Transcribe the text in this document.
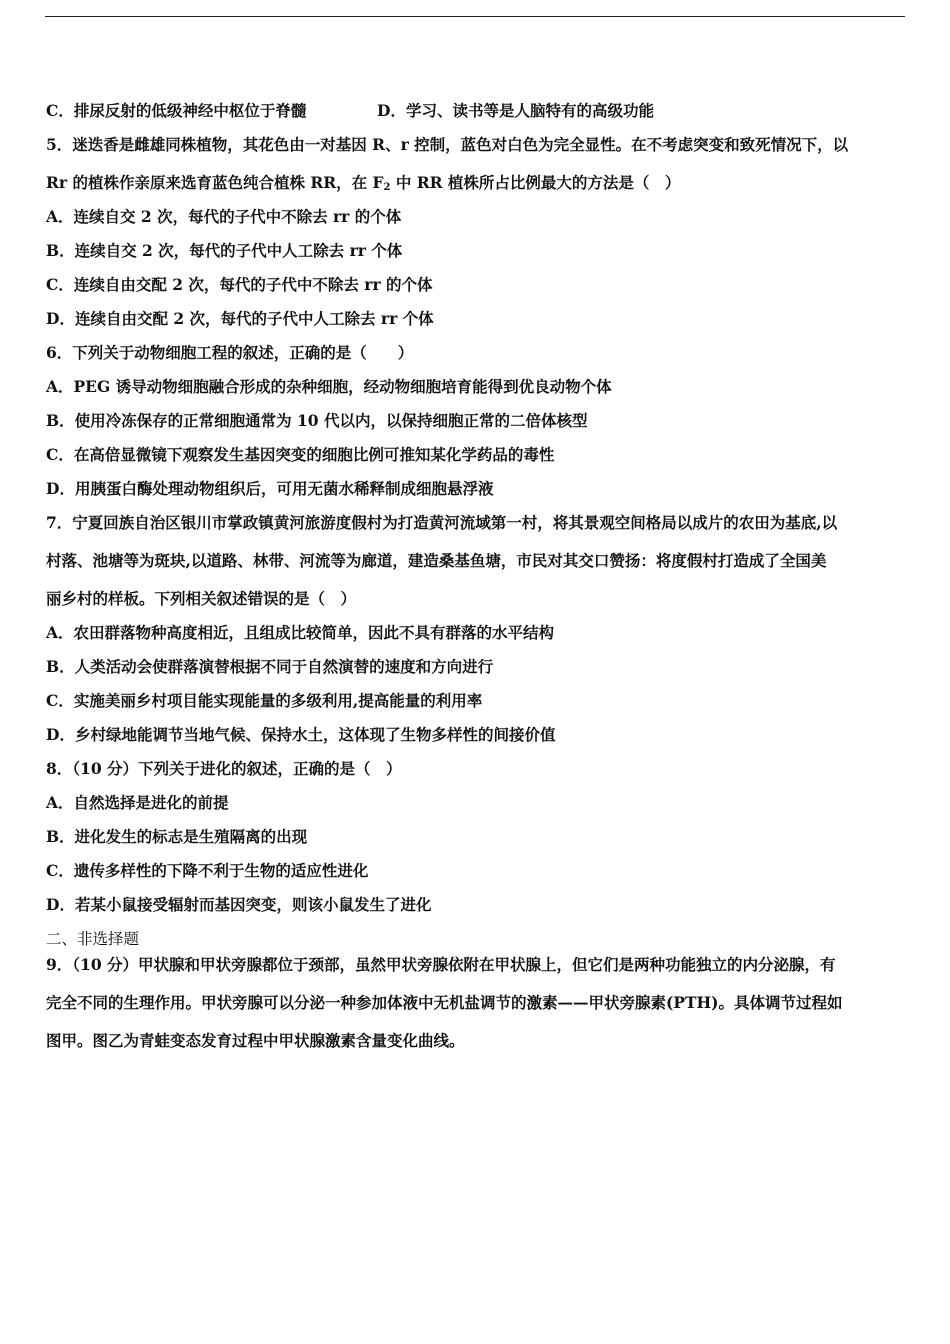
C．排尿反射的低级神经中枢位于脊髓	D．学习、读书等是人脑特有的高级功能
5．迷迭香是雌雄同株植物，其花色由一对基因 R、r 控制，蓝色对白色为完全显性。在不考虑突变和致死情况下，以
Rr 的植株作亲原来选育蓝色纯合植株 RR，在 $F_2$ 中 RR 植株所占比例最大的方法是（　）
A．连续自交 2 次，每代的子代中不除去 rr 的个体
B．连续自交 2 次，每代的子代中人工除去 rr 个体
C．连续自由交配 2 次，每代的子代中不除去 rr 的个体
D．连续自由交配 2 次，每代的子代中人工除去 rr 个体
6．下列关于动物细胞工程的叙述，正确的是（　　）
A．PEG 诱导动物细胞融合形成的杂种细胞，经动物细胞培育能得到优良动物个体
B．使用冷冻保存的正常细胞通常为 10 代以内，以保持细胞正常的二倍体核型
C．在高倍显微镜下观察发生基因突变的细胞比例可推知某化学药品的毒性
D．用胰蛋白酶处理动物组织后，可用无菌水稀释制成细胞悬浮液
7．宁夏回族自治区银川市掌政镇黄河旅游度假村为打造黄河流域第一村，将其景观空间格局以成片的农田为基底,以
村落、池塘等为斑块,以道路、林带、河流等为廊道，建造桑基鱼塘，市民对其交口赞扬：将度假村打造成了全国美
丽乡村的样板。下列相关叙述错误的是（　）
A．农田群落物种高度相近，且组成比较简单，因此不具有群落的水平结构
B．人类活动会使群落演替根据不同于自然演替的速度和方向进行
C．实施美丽乡村项目能实现能量的多级利用,提高能量的利用率
D．乡村绿地能调节当地气候、保持水土，这体现了生物多样性的间接价值
8．（10 分）下列关于进化的叙述，正确的是（　）
A．自然选择是进化的前提
B．进化发生的标志是生殖隔离的出现
C．遗传多样性的下降不利于生物的适应性进化
D．若某小鼠接受辐射而基因突变，则该小鼠发生了进化
二、非选择题
9．（10 分）甲状腺和甲状旁腺都位于颈部，虽然甲状旁腺依附在甲状腺上，但它们是两种功能独立的内分泌腺，有
完全不同的生理作用。甲状旁腺可以分泌一种参加体液中无机盐调节的激素——甲状旁腺素(PTH)。具体调节过程如
图甲。图乙为青蛙变态发育过程中甲状腺激素含量变化曲线。
